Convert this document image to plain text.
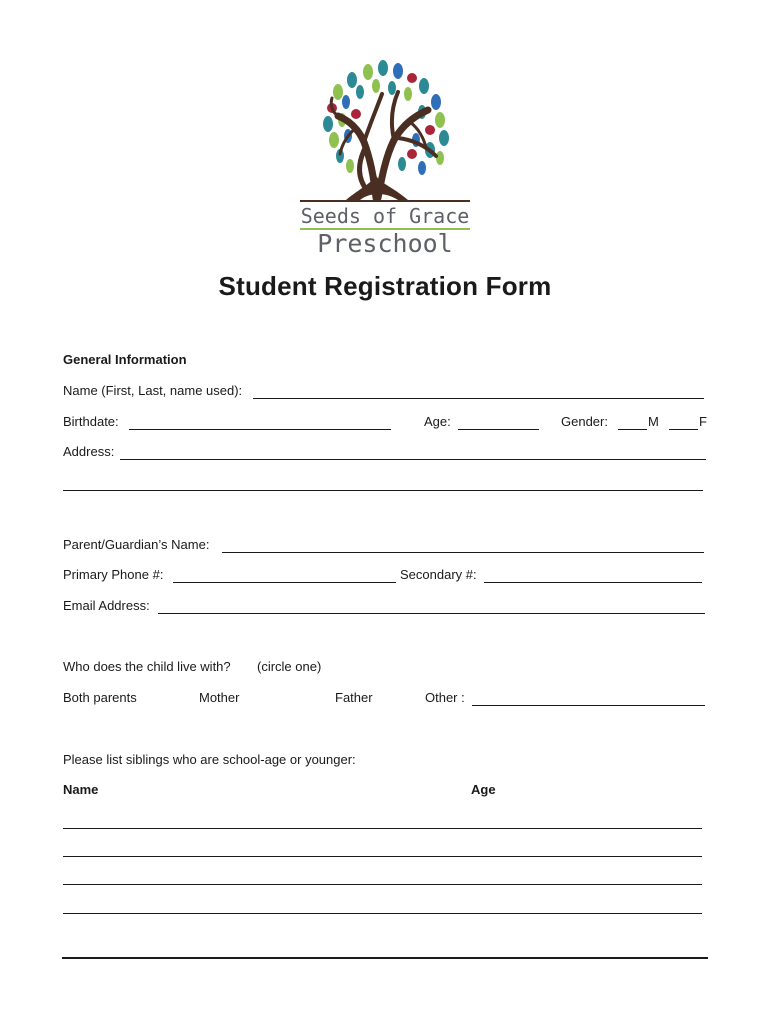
Seeds of Grace
Preschool
Student Registration Form
General Information
Name (First, Last, name used):
Birthdate:	Age:	Gender:	M	F
Address:
Parent/Guardian’s Name:
Primary Phone #:	Secondary #:
Email Address:
Who does the child live with? (circle one)
Both parents	Mother	Father	Other :
Please list siblings who are school-age or younger:
Name	Age
